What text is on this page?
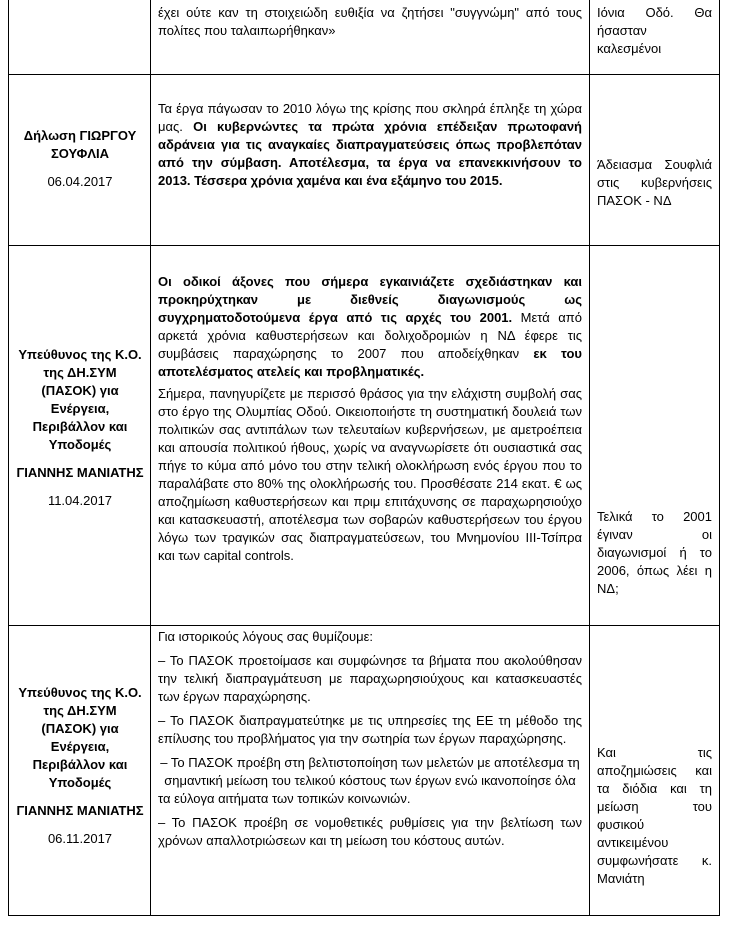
έχει ούτε καν τη στοιχειώδη ευθιξία να ζητήσει "συγγνώμη" από τους πολίτες που ταλαιπωρήθηκαν»

Ιόνια Οδό. Θα ήσασταν καλεσμένοι
Δήλωση ΓΙΩΡΓΟΥ ΣΟΥΦΛΙΑ
06.04.2017

Τα έργα πάγωσαν το 2010 λόγω της κρίσης που σκληρά έπληξε τη χώρα μας. Οι κυβερνώντες τα πρώτα χρόνια επέδειξαν πρωτοφανή αδράνεια για τις αναγκαίες διαπραγματεύσεις όπως προβλεπόταν από την σύμβαση. Αποτέλεσμα, τα έργα να επανεκκινήσουν το 2013. Τέσσερα χρόνια χαμένα και ένα εξάμηνο του 2015.

Άδειασμα Σουφλιά στις κυβερνήσεις ΠΑΣΟΚ - ΝΔ
Υπεύθυνος της Κ.Ο. της ΔΗ.ΣΥΜ (ΠΑΣΟΚ) για Ενέργεια, Περιβάλλον και Υποδομές
ΓΙΑΝΝΗΣ ΜΑΝΙΑΤΗΣ
11.04.2017

Οι οδικοί άξονες που σήμερα εγκαινιάζετε σχεδιάστηκαν και προκηρύχτηκαν με διεθνείς διαγωνισμούς ως συγχρηματοδοτούμενα έργα από τις αρχές του 2001. Μετά από αρκετά χρόνια καθυστερήσεων και δολιχοδρομιών η ΝΔ έφερε τις συμβάσεις παραχώρησης το 2007 που αποδείχθηκαν εκ του αποτελέσματος ατελείς και προβληματικές.

Σήμερα, πανηγυρίζετε με περισσό θράσος για την ελάχιστη συμβολή σας στο έργο της Ολυμπίας Οδού. Οικειοποιήστε τη συστηματική δουλειά των πολιτικών σας αντιπάλων των τελευταίων κυβερνήσεων, με αμετροέπεια και απουσία πολιτικού ήθους, χωρίς να αναγνωρίσετε ότι ουσιαστικά σας πήγε το κύμα από μόνο του στην τελική ολοκλήρωση ενός έργου που το παραλάβατε στο 80% της ολοκλήρωσής του. Προσθέσατε 214 εκατ. € ως αποζημίωση καθυστερήσεων και πριμ επιτάχυνσης σε παραχωρησιούχο και κατασκευαστή, αποτέλεσμα των σοβαρών καθυστερήσεων του έργου λόγω των τραγικών σας διαπραγματεύσεων, του Μνημονίου ΙΙΙ-Τσίπρα και των capital controls.

Τελικά το 2001 έγιναν οι διαγωνισμοί ή το 2006, όπως λέει η ΝΔ;
Υπεύθυνος της Κ.Ο. της ΔΗ.ΣΥΜ (ΠΑΣΟΚ) για Ενέργεια, Περιβάλλον και Υποδομές
ΓΙΑΝΝΗΣ ΜΑΝΙΑΤΗΣ
06.11.2017

Για ιστορικούς λόγους σας θυμίζουμε:

– Το ΠΑΣΟΚ προετοίμασε και συμφώνησε τα βήματα που ακολούθησαν την τελική διαπραγμάτευση με παραχωρησιούχους και κατασκευαστές των έργων παραχώρησης.

– Το ΠΑΣΟΚ διαπραγματεύτηκε με τις υπηρεσίες της ΕΕ τη μέθοδο της επίλυσης του προβλήματος για την σωτηρία των έργων παραχώρησης.

– Το ΠΑΣΟΚ προέβη στη βελτιστοποίηση των μελετών με αποτέλεσμα τη σημαντική μείωση του τελικού κόστους των έργων ενώ ικανοποίησε όλα τα εύλογα αιτήματα των τοπικών κοινωνιών.

– Το ΠΑΣΟΚ προέβη σε νομοθετικές ρυθμίσεις για την βελτίωση των χρόνων απαλλοτριώσεων και τη μείωση του κόστους αυτών.

Και τις αποζημιώσεις και τα διόδια και τη μείωση του φυσικού αντικειμένου συμφωνήσατε κ. Μανιάτη
